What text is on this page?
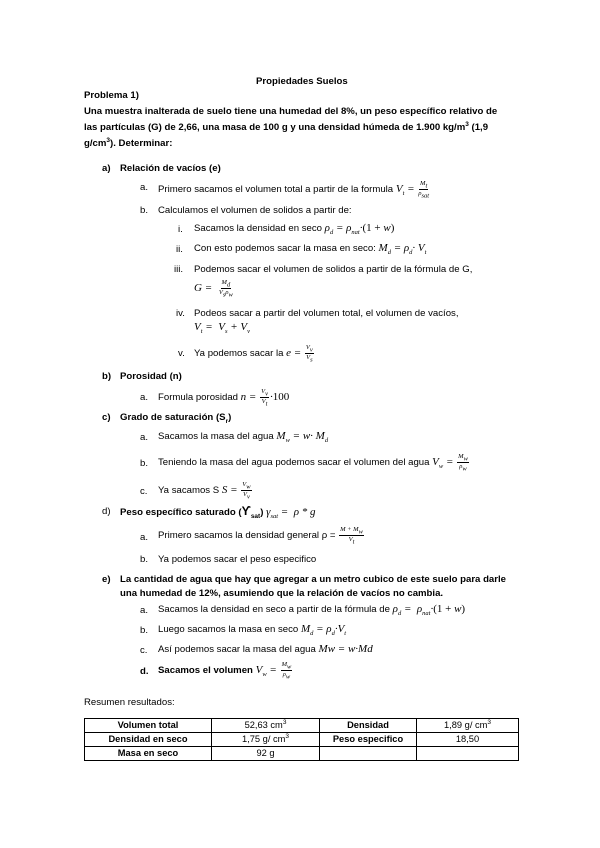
Propiedades Suelos
Problema 1)
Una muestra inalterada de suelo tiene una humedad del 8%, un peso específico relativo de
las partículas (G) de 2,66, una masa de 100 g y una densidad húmeda de 1.900 $kg/m^3$ (1,9
$g/cm^3$). Determinar:
a) Relación de vacíos (e)
a. Primero sacamos el volumen total a partir de la formula $V_t = \frac{M_t}{\rho_{sat}}$
b. Calculamos el volumen de solidos a partir de:
i. Sacamos la densidad en seco $\rho_d = \rho_{nat}\cdot(1 + w)$
ii. Con esto podemos sacar la masa en seco: $M_d = \rho_d\cdot V_t$
iii. Podemos sacar el volumen de solidos a partir de la fórmula de G,
$G = \frac{M_d}{V_s\rho_w}$
iv. Podeos sacar a partir del volumen total, el volumen de vacíos,
$V_t = V_s + V_v$
v. Ya podemos sacar la $e = \frac{V_v}{V_s}$
b) Porosidad (n)
a. Formula porosidad $n = \frac{V_v}{V_t} \cdot 100$
c) Grado de saturación $(S_r)$
a. Sacamos la masa del agua $M_w = w\cdot M_d$
b. Teniendo la masa del agua podemos sacar el volumen del agua $V_w = \frac{M_w}{\rho_w}$
c. Ya sacamos S $S = \frac{V_w}{V_v}$
d) Peso específico saturado $(ϒ_{sat}) \gamma_{sat} = \rho * g$
a. Primero sacamos la densidad general $\rho = \frac{M + M_w}{V_t}$
b. Ya podemos sacar el peso especifico
e) La cantidad de agua que hay que agregar a un metro cubico de este suelo para darle
una humedad de 12%, asumiendo que la relación de vacíos no cambia.
a. Sacamos la densidad en seco a partir de la fórmula de $\rho_d = \rho_{nat}\cdot(1 + w)$
b. Luego sacamos la masa en seco $M_d = \rho_d\cdot V_t$
c. Así podemos sacar la masa del agua Mw = w·Md
d. Sacamos el volumen $V_w = \frac{M_w}{\rho_w}$
Resumen resultados:
Volumen total	52,63 $cm^3$	Densidad	1,89 g/ $cm^3$
Densidad en seco	1,75 g/ $cm^3$	Peso especifico	18,50
Masa en seco	92 g		
